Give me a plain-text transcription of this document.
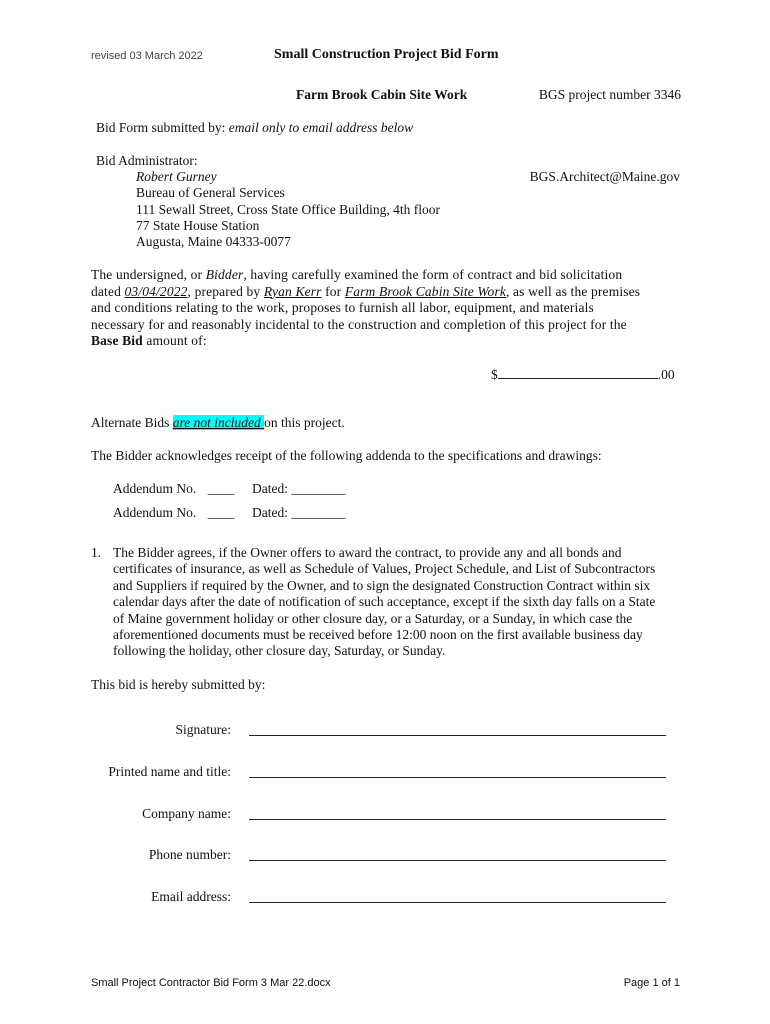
revised 03 March 2022	Small Construction Project Bid Form
Farm Brook Cabin Site Work	BGS project number 3346
Bid Form submitted by: email only to email address below
Bid Administrator:
Robert Gurney
Bureau of General Services
111 Sewall Street, Cross State Office Building, 4th floor
77 State House Station
Augusta, Maine 04333-0077
BGS.Architect@Maine.gov
The undersigned, or Bidder, having carefully examined the form of contract and bid solicitation
dated 03/04/2022, prepared by Ryan Kerr for Farm Brook Cabin Site Work, as well as the premises
and conditions relating to the work, proposes to furnish all labor, equipment, and materials
necessary for and reasonably incidental to the construction and completion of this project for the
Base Bid amount of:
$	.00
Alternate Bids are not included on this project.
The Bidder acknowledges receipt of the following addenda to the specifications and drawings:
Addendum No. ____ Dated: ________
Addendum No. ____ Dated: ________
1. The Bidder agrees, if the Owner offers to award the contract, to provide any and all bonds and
certificates of insurance, as well as Schedule of Values, Project Schedule, and List of Subcontractors
and Suppliers if required by the Owner, and to sign the designated Construction Contract within six
calendar days after the date of notification of such acceptance, except if the sixth day falls on a State
of Maine government holiday or other closure day, or a Saturday, or a Sunday, in which case the
aforementioned documents must be received before 12:00 noon on the first available business day
following the holiday, other closure day, Saturday, or Sunday.
This bid is hereby submitted by:
Signature:
Printed name and title:
Company name:
Phone number:
Email address:
Small Project Contractor Bid Form 3 Mar 22.docx	Page 1 of 1
